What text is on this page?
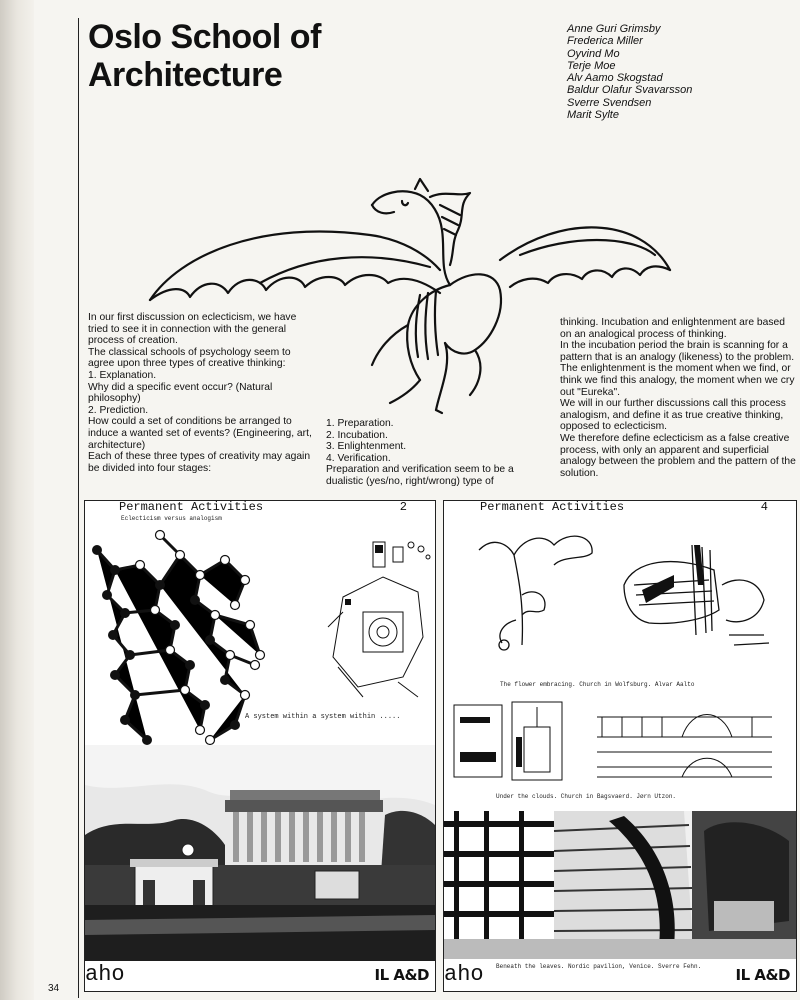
Oslo School of
Architecture
Anne Guri Grimsby
Frederica Miller
Oyvind Mo
Terje Moe
Alv Aamo Skogstad
Baldur Olafur Svavarsson
Sverre Svendsen
Marit Sylte

In our first discussion on eclecticism, we have tried to see it in connection with the general process of creation.

The classical schools of psychology seem to agree upon three types of creative thinking:

1. Explanation.

Why did a specific event occur? (Natural philosophy)

2. Prediction.

How could a set of conditions be arranged to induce a wanted set of events? (Engineering, art, architecture)

Each of these three types of creativity may again be divided into four stages:

1. Preparation.

2. Incubation.

3. Enlightenment.

4. Verification.

Preparation and verification seem to be a dualistic (yes/no, right/wrong) type of

thinking. Incubation and enlightenment are based on an analogical process of thinking.

In the incubation period the brain is scanning for a pattern that is an analogy (likeness) to the problem. The enlightenment is the moment when we find, or think we find this analogy, the moment when we cry out "Eureka".

We will in our further discussions call this process analogism, and define it as true creative thinking, opposed to eclecticism.

We therefore define eclecticism as a false creative process, with only an apparent and superficial analogy between the problem and the pattern of the solution.

Permanent Activities	2
Eclecticism versus analogism
A system within a system within .....
aho	IL A&D
Permanent Activities	4
The flower embracing. Church in Wolfsburg. Alvar Aalto
Under the clouds. Church in Bagsvaerd. Jørn Utzon.
Beneath the leaves. Nordic pavilion, Venice. Sverre Fehn.
aho	IL A&D
34
